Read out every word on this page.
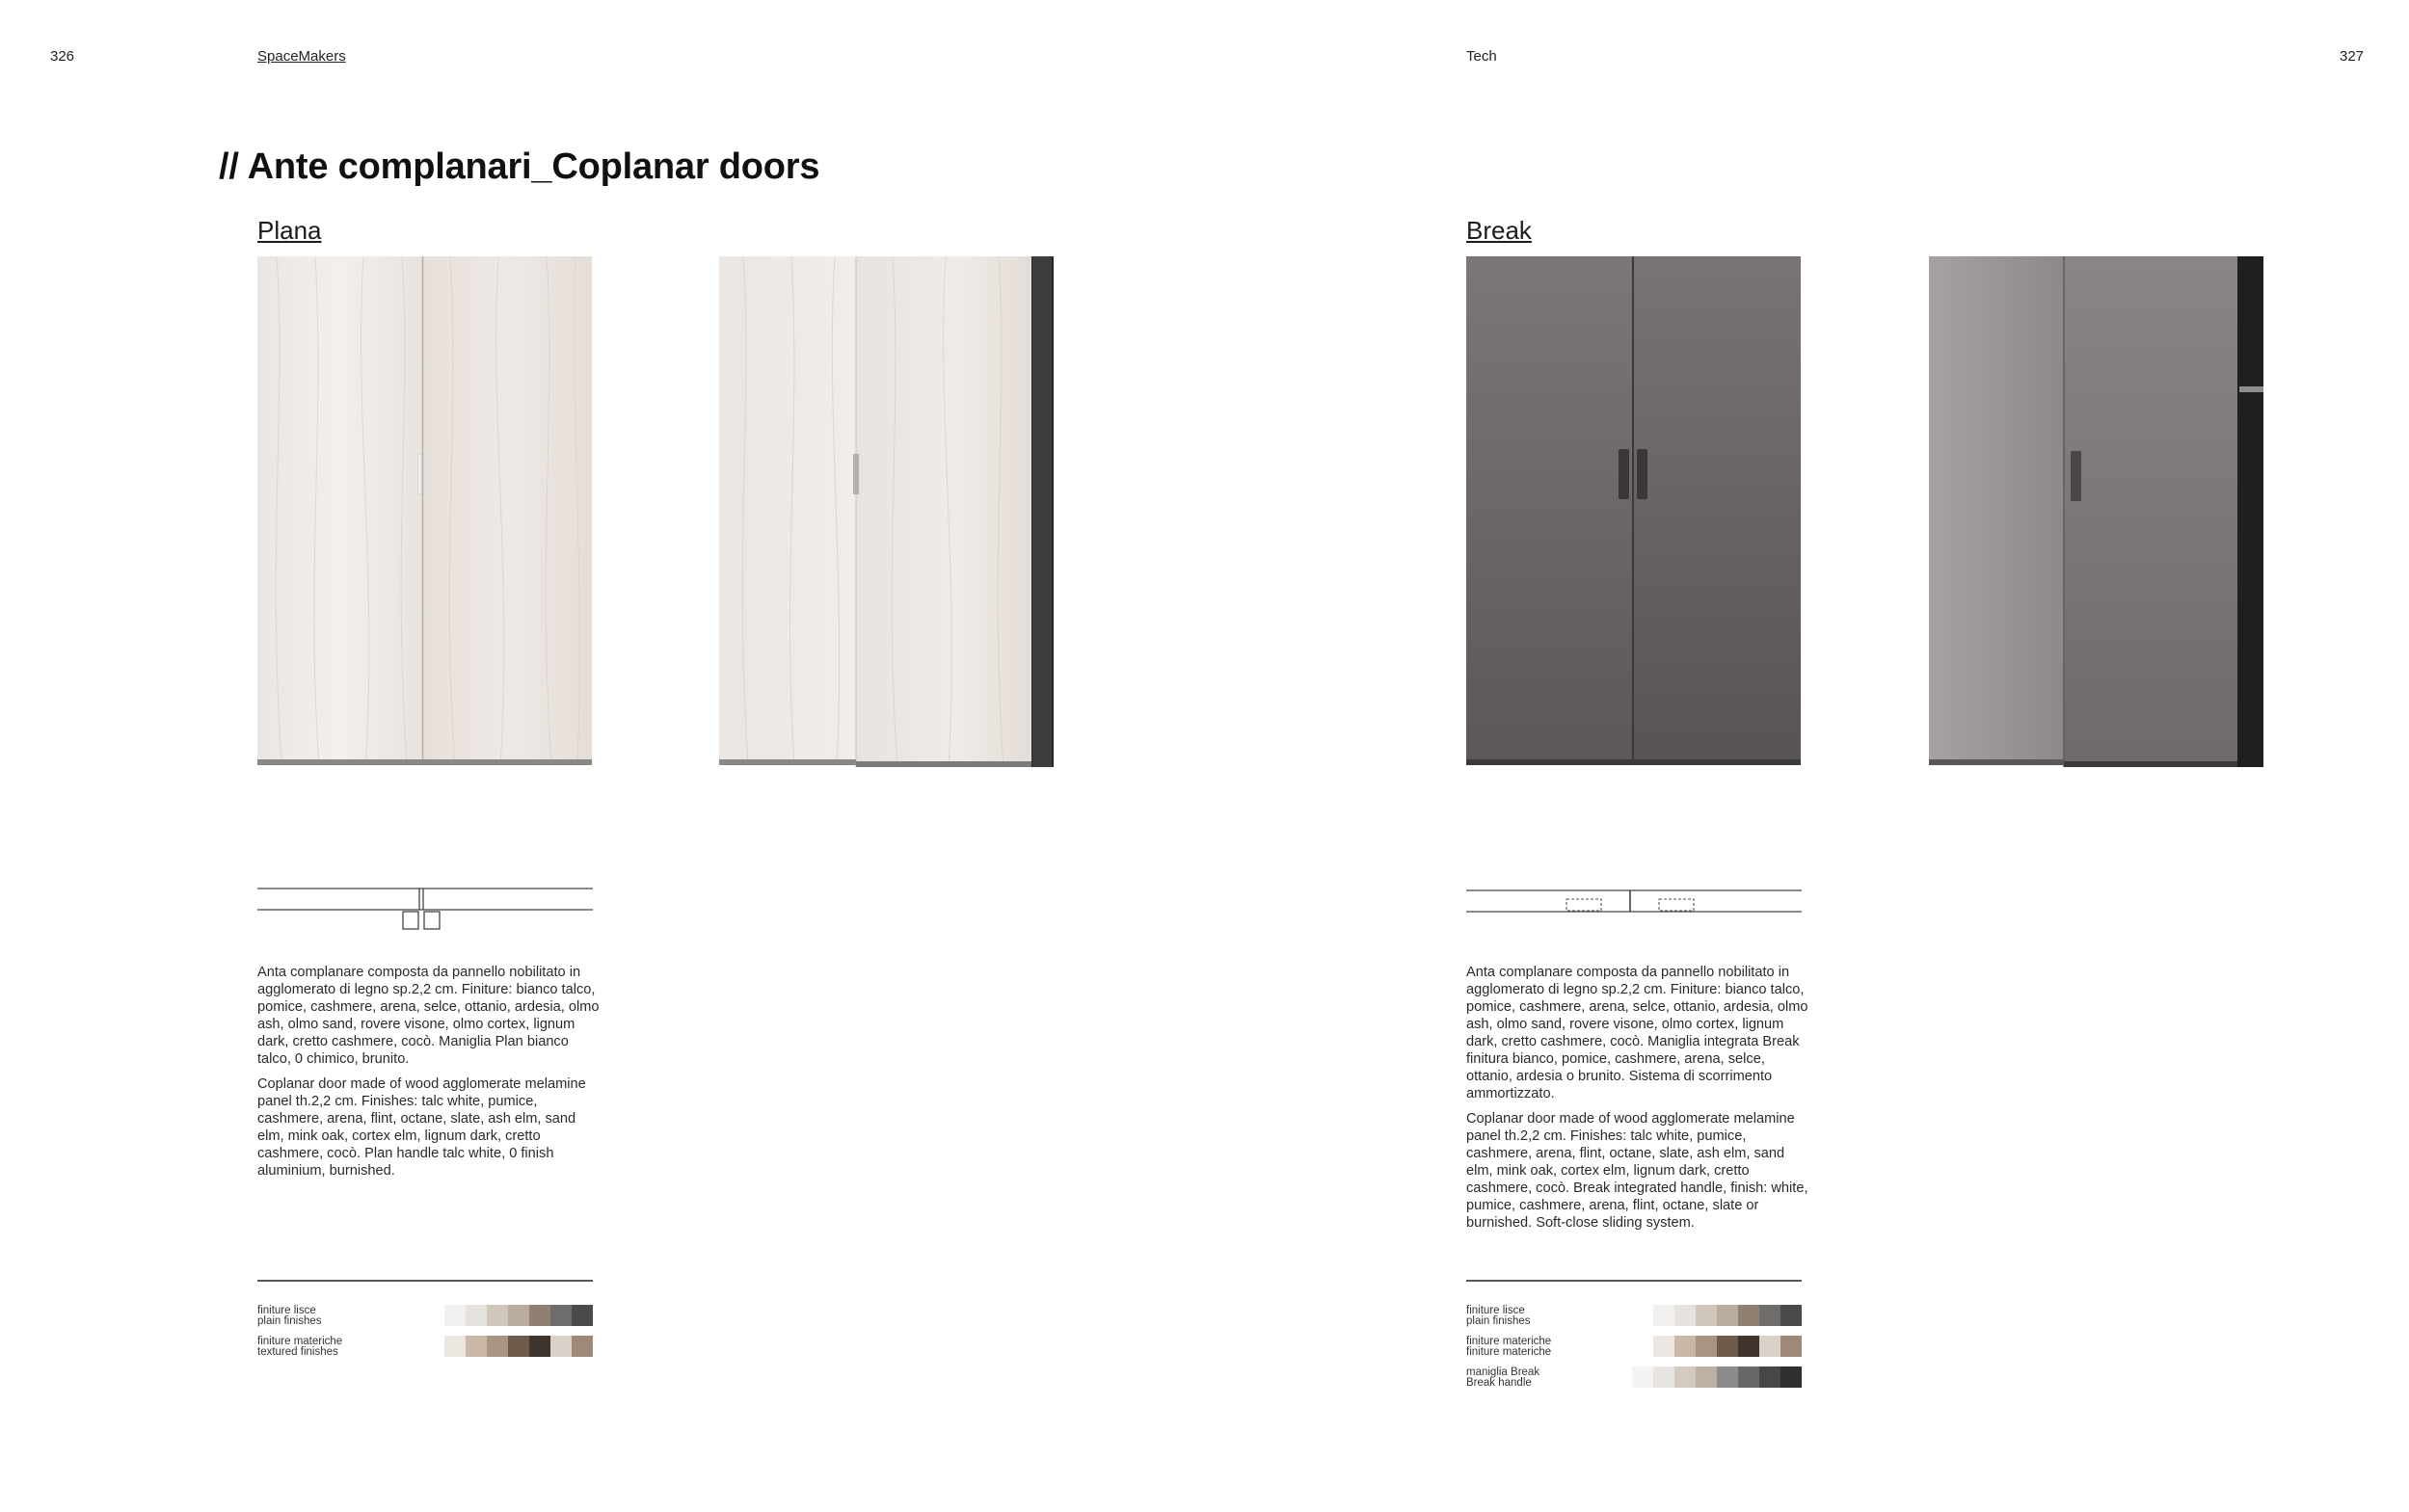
326	SpaceMakers
// Ante complanari_Coplanar doors
Plana

Anta complanare composta da pannello nobilitato in agglomerato di legno sp.2,2 cm. Finiture: bianco talco, pomice, cashmere, arena, selce, ottanio, ardesia, olmo ash, olmo sand, rovere visone, olmo cortex, lignum dark, cretto cashmere, cocò. Maniglia Plan bianco talco, 0 chimico, brunito.

Coplanar door made of wood agglomerate melamine panel th.2,2 cm. Finishes: talc white, pumice, cashmere, arena, flint, octane, slate, ash elm, sand elm, mink oak, cortex elm, lignum dark, cretto cashmere, cocò. Plan handle talc white, 0 finish aluminium, burnished.

finiture lisce
plain finishes
finiture materiche
textured finishes
Tech	327
Break

Anta complanare composta da pannello nobilitato in agglomerato di legno sp.2,2 cm. Finiture: bianco talco, pomice, cashmere, arena, selce, ottanio, ardesia, olmo ash, olmo sand, rovere visone, olmo cortex, lignum dark, cretto cashmere, cocò. Maniglia integrata Break finitura bianco, pomice, cashmere, arena, selce, ottanio, ardesia o brunito. Sistema di scorrimento ammortizzato.

Coplanar door made of wood agglomerate melamine panel th.2,2 cm. Finishes: talc white, pumice, cashmere, arena, flint, octane, slate, ash elm, sand elm, mink oak, cortex elm, lignum dark, cretto cashmere, cocò. Break integrated handle, finish: white, pumice, cashmere, arena, flint, octane, slate or burnished. Soft-close sliding system.

finiture lisce
plain finishes
finiture materiche
finiture materiche
maniglia Break
Break handle
